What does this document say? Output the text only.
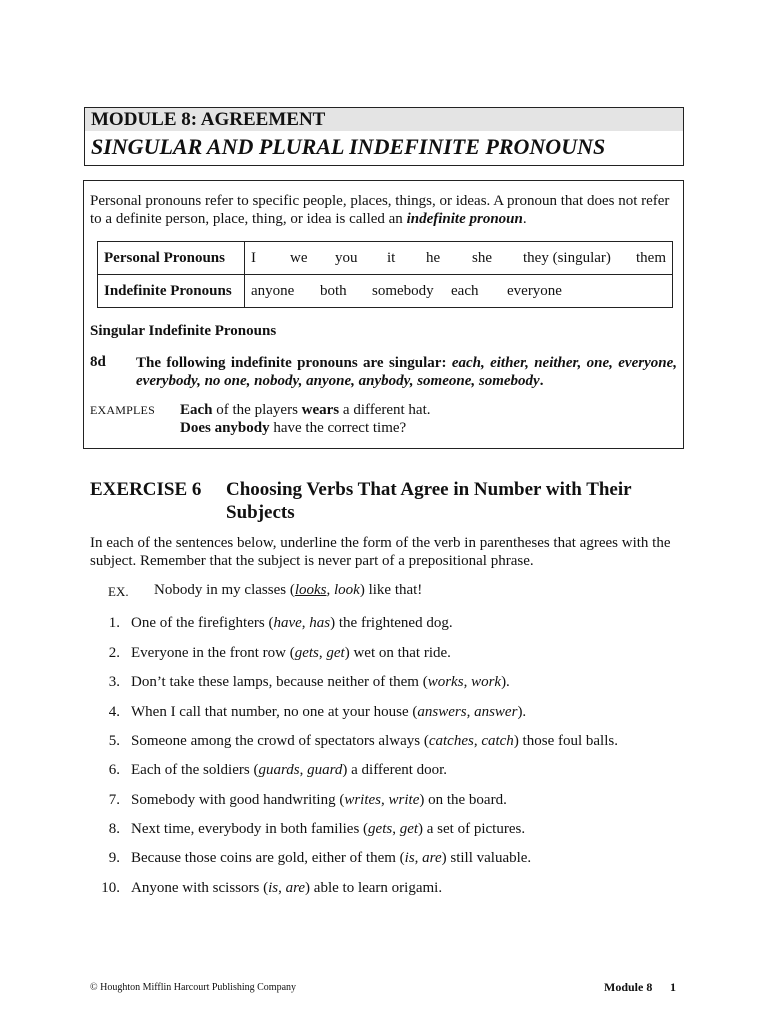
MODULE 8: AGREEMENT
SINGULAR AND PLURAL INDEFINITE PRONOUNS
Personal pronouns refer to specific people, places, things, or ideas. A pronoun that does not refer to a definite person, place, thing, or idea is called an indefinite pronoun.
Personal Pronouns	I we you it he she they (singular) them
Indefinite Pronouns	anyone both somebody each everyone
Singular Indefinite Pronouns
8d The following indefinite pronouns are singular: each, either, neither, one, everyone, everybody, no one, nobody, anyone, anybody, someone, somebody.
EXAMPLES Each of the players wears a different hat.
Does anybody have the correct time?
EXERCISE 6 Choosing Verbs That Agree in Number with Their Subjects
In each of the sentences below, underline the form of the verb in parentheses that agrees with the subject. Remember that the subject is never part of a prepositional phrase.
EX. Nobody in my classes (looks, look) like that!
1. One of the firefighters (have, has) the frightened dog.
2. Everyone in the front row (gets, get) wet on that ride.
3. Don’t take these lamps, because neither of them (works, work).
4. When I call that number, no one at your house (answers, answer).
5. Someone among the crowd of spectators always (catches, catch) those foul balls.
6. Each of the soldiers (guards, guard) a different door.
7. Somebody with good handwriting (writes, write) on the board.
8. Next time, everybody in both families (gets, get) a set of pictures.
9. Because those coins are gold, either of them (is, are) still valuable.
10. Anyone with scissors (is, are) able to learn origami.
© Houghton Mifflin Harcourt Publishing Company	Module 8 1
